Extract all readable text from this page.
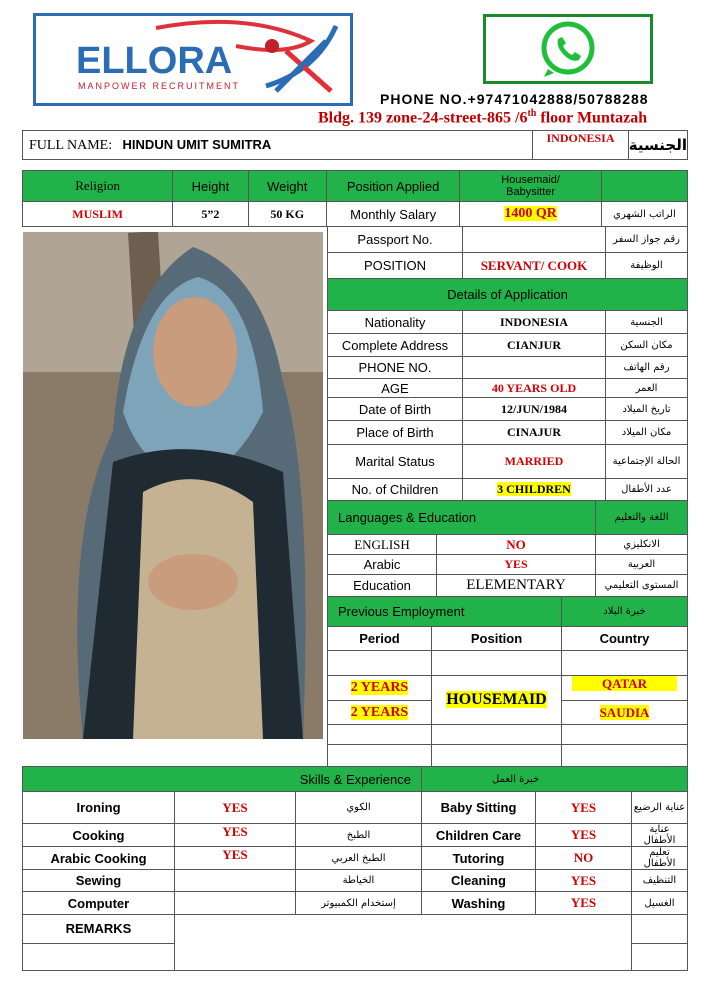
ELLORA
MANPOWER RECRUITMENT
PHONE NO.+97471042888/50788288
Bldg. 139 zone-24-street-865 /6th floor Muntazah
FULL NAME: HINDUN UMIT SUMITRA	INDONESIA	الجنسية
Religion	Height	Weight	Position Applied	Housemaid/
Babysitter	
MUSLIM	5”2	50 KG	Monthly Salary	1400 QR	الراتب الشهري
Passport No.		رقم جواز السفر
POSITION	SERVANT/ COOK	الوظيفة
Details of Application		
Nationality	INDONESIA	الجنسية
Complete Address	CIANJUR	مكان السكن
PHONE NO.		رقم الهاتف
AGE	40 YEARS OLD	العمر
Date of Birth	12/JUN/1984	تاريخ الميلاد
Place of Birth	CINAJUR	مكان الميلاد
Marital Status	MARRIED	الحالة الإجتماعية
No. of Children	3 CHILDREN	عدد الأطفال
Languages & Education		اللغة والتعليم
ENGLISH	NO	الانكليزي
Arabic	YES	العربية
Education	ELEMENTARY	المستوى التعليمي
Previous Employment		خبرة البلاد
Period	Position	Country

2 YEARS	HOUSEMAID	QATAR
2 YEARS		SAUDIA

Skills & Experience			خبرة العمل		
Ironing	YES	الكوي	Baby Sitting	YES	عناية الرضيع
Cooking	YES	الطبخ	Children Care	YES	عناية الأطفال
Arabic Cooking	YES	الطبخ العربي	Tutoring	NO	تعليم الأطفال
Sewing		الخياطة	Cleaning	YES	التنظيف
Computer		إستخدام الكمبيوتر	Washing	YES	الغسيل
REMARKS					
